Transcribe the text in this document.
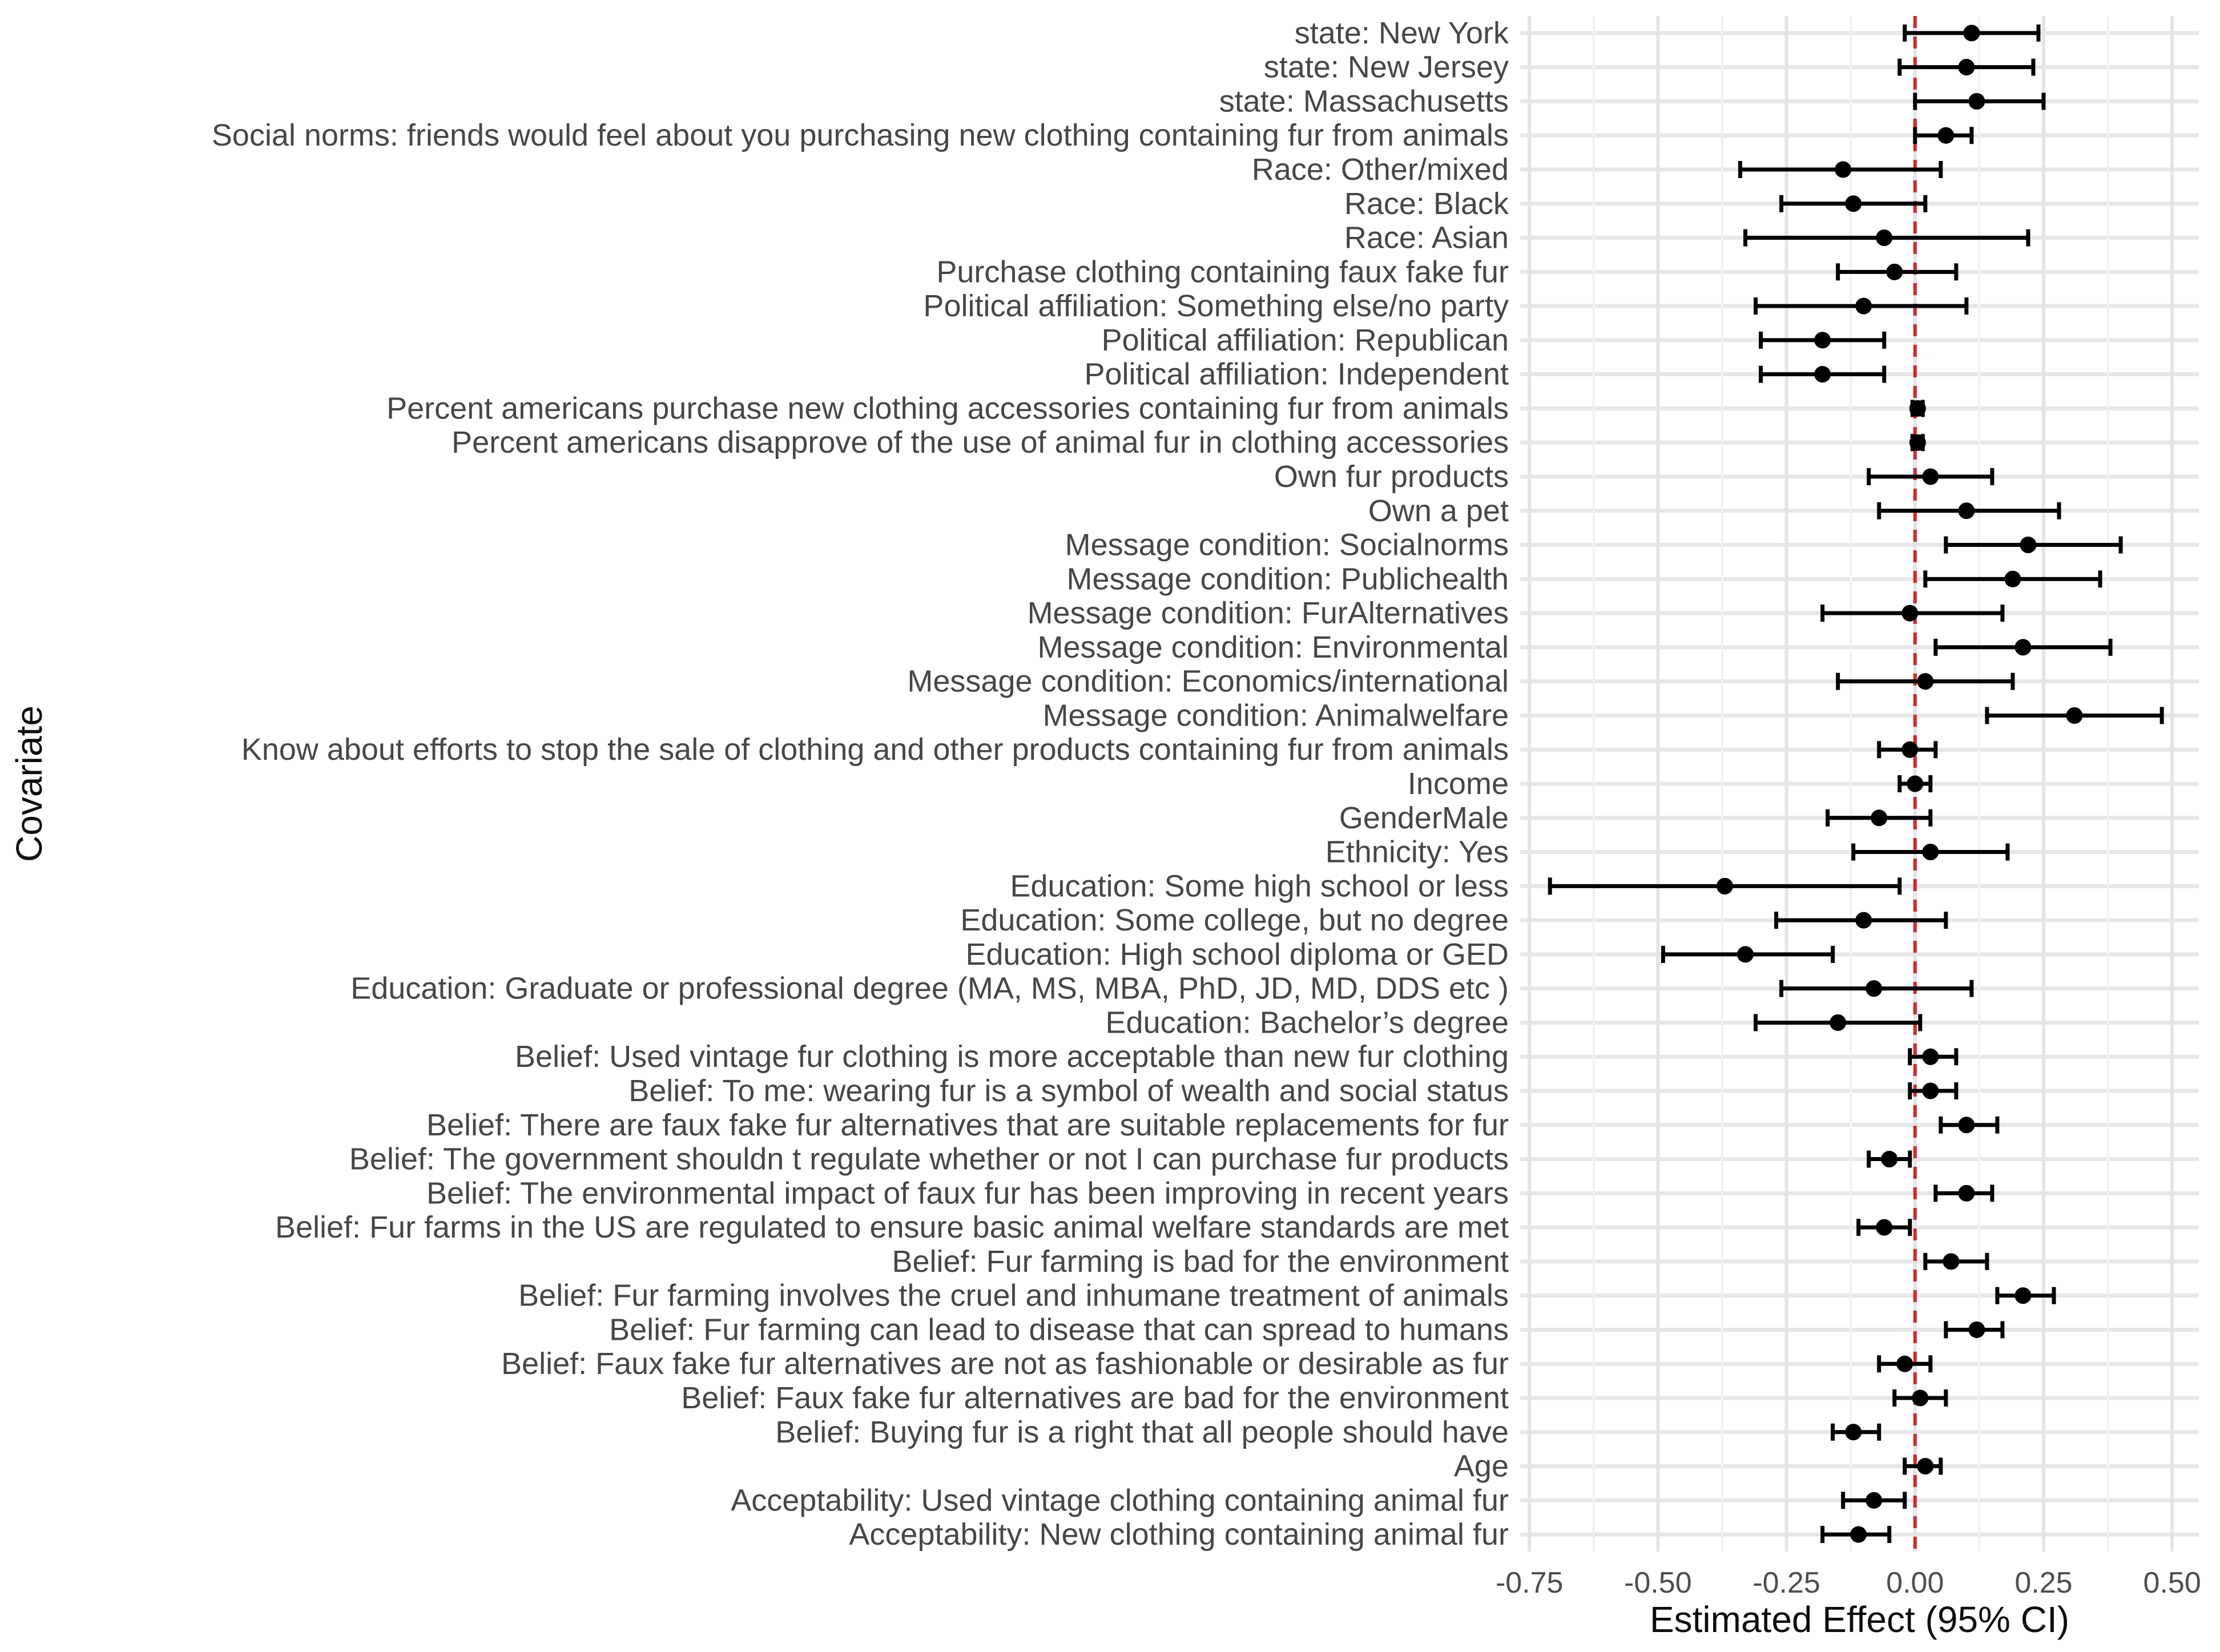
state: New York
state: New Jersey
state: Massachusetts
Social norms: friends would feel about you purchasing new clothing containing fur from animals
Race: Other/mixed
Race: Black
Race: Asian
Purchase clothing containing faux fake fur
Political affiliation: Something else/no party
Political affiliation: Republican
Political affiliation: Independent
Percent americans purchase new clothing accessories containing fur from animals
Percent americans disapprove of the use of animal fur in clothing accessories
Own fur products
Own a pet
Message condition: Socialnorms
Message condition: Publichealth
Message condition: FurAlternatives
Message condition: Environmental
Message condition: Economics/international
Message condition: Animalwelfare
Know about efforts to stop the sale of clothing and other products containing fur from animals
Income
GenderMale
Ethnicity: Yes
Education: Some high school or less
Education: Some college, but no degree
Education: High school diploma or GED
Education: Graduate or professional degree (MA, MS, MBA, PhD, JD, MD, DDS etc )
Education: Bachelor’s degree
Belief: Used vintage fur clothing is more acceptable than new fur clothing
Belief: To me: wearing fur is a symbol of wealth and social status
Belief: There are faux fake fur alternatives that are suitable replacements for fur
Belief: The government shouldn t regulate whether or not I can purchase fur products
Belief: The environmental impact of faux fur has been improving in recent years
Belief: Fur farms in the US are regulated to ensure basic animal welfare standards are met
Belief: Fur farming is bad for the environment
Belief: Fur farming involves the cruel and inhumane treatment of animals
Belief: Fur farming can lead to disease that can spread to humans
Belief: Faux fake fur alternatives are not as fashionable or desirable as fur
Belief: Faux fake fur alternatives are bad for the environment
Belief: Buying fur is a right that all people should have
Age
Acceptability: Used vintage clothing containing animal fur
Acceptability: New clothing containing animal fur
-0.75 -0.50 -0.25 0.00 0.25 0.50
Estimated Effect (95% CI)
Covariate
